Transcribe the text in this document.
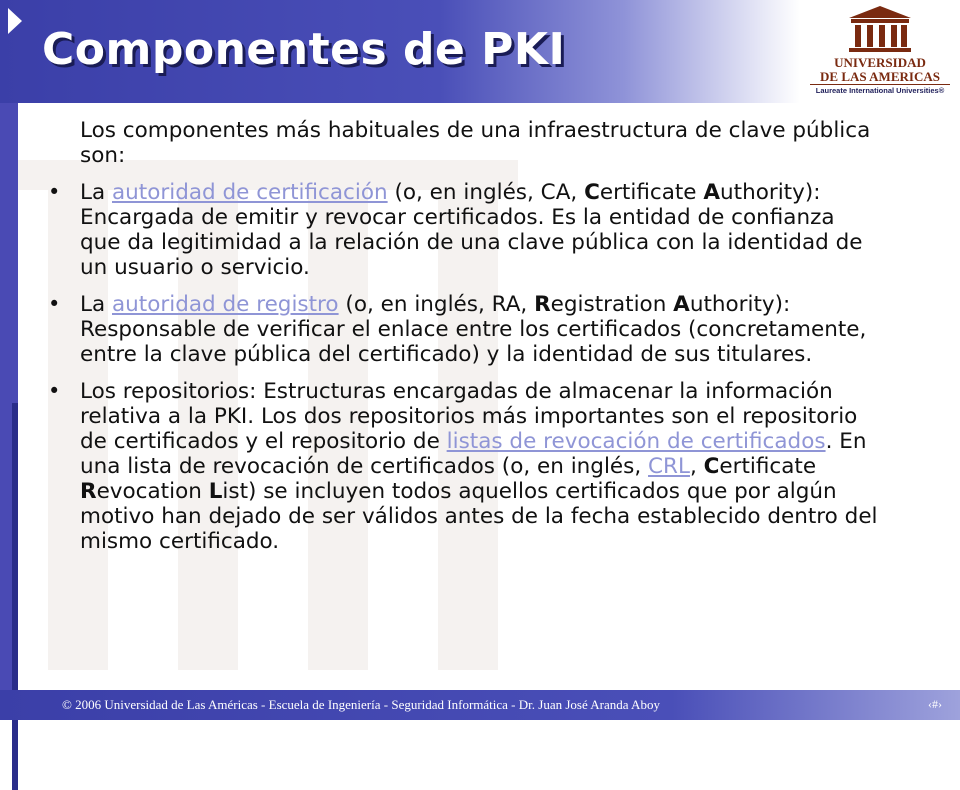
Componentes de PKI	UNIVERSIDAD
DE LAS AMERICAS
Laureate International Universities®

Los componentes más habituales de una infraestructura de clave pública son:

• La autoridad de certificación (o, en inglés, CA, Certificate Authority): Encargada de emitir y revocar certificados. Es la entidad de confianza que da legitimidad a la relación de una clave pública con la identidad de un usuario o servicio.
• La autoridad de registro (o, en inglés, RA, Registration Authority): Responsable de verificar el enlace entre los certificados (concretamente, entre la clave pública del certificado) y la identidad de sus titulares.
• Los repositorios: Estructuras encargadas de almacenar la información relativa a la PKI. Los dos repositorios más importantes son el repositorio de certificados y el repositorio de listas de revocación de certificados. En una lista de revocación de certificados (o, en inglés, CRL, Certificate Revocation List) se incluyen todos aquellos certificados que por algún motivo han dejado de ser válidos antes de la fecha establecido dentro del mismo certificado.
© 2006 Universidad de Las Américas - Escuela de Ingeniería - Seguridad Informática - Dr. Juan José Aranda Aboy	‹#›
